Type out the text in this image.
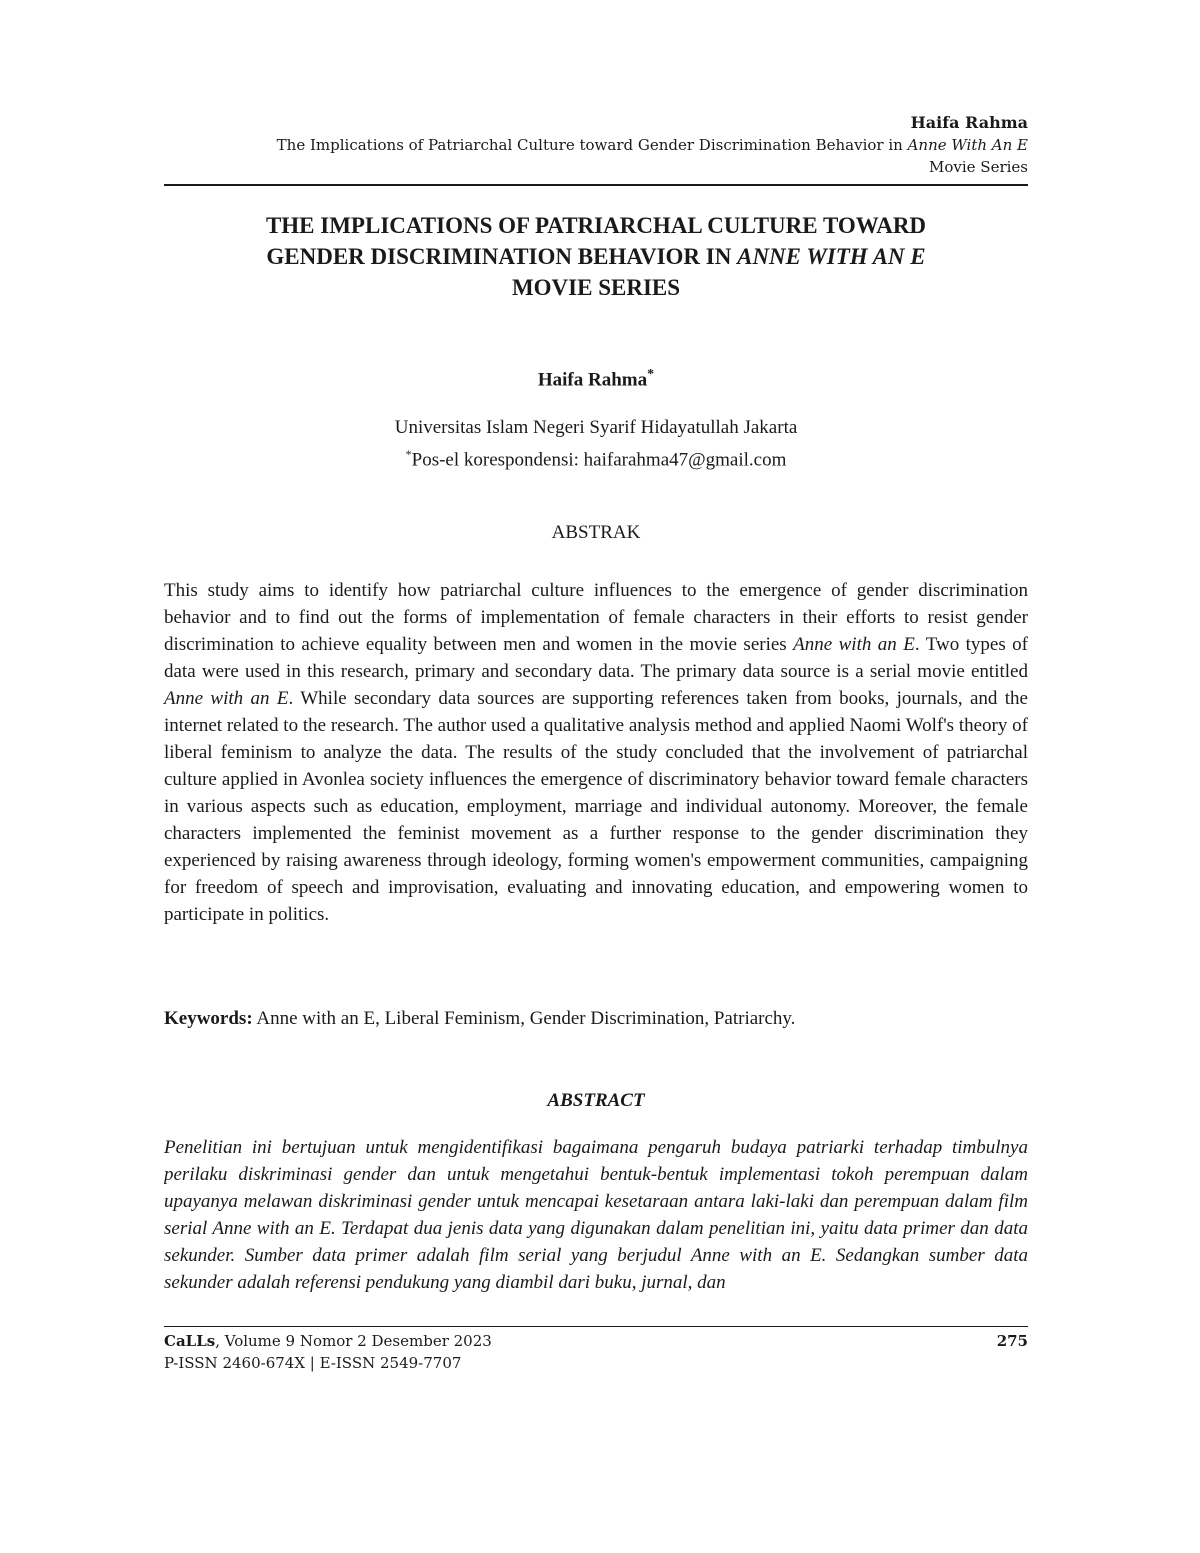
Haifa Rahma
The Implications of Patriarchal Culture toward Gender Discrimination Behavior in Anne With An E
Movie Series
THE IMPLICATIONS OF PATRIARCHAL CULTURE TOWARD
GENDER DISCRIMINATION BEHAVIOR IN ANNE WITH AN E
MOVIE SERIES
Haifa Rahma*
Universitas Islam Negeri Syarif Hidayatullah Jakarta
*Pos-el korespondensi: haifarahma47@gmail.com
ABSTRAK

This study aims to identify how patriarchal culture influences to the emergence of gender discrimination behavior and to find out the forms of implementation of female characters in their efforts to resist gender discrimination to achieve equality between men and women in the movie series Anne with an E. Two types of data were used in this research, primary and secondary data. The primary data source is a serial movie entitled Anne with an E. While secondary data sources are supporting references taken from books, journals, and the internet related to the research. The author used a qualitative analysis method and applied Naomi Wolf's theory of liberal feminism to analyze the data. The results of the study concluded that the involvement of patriarchal culture applied in Avonlea society influences the emergence of discriminatory behavior toward female characters in various aspects such as education, employment, marriage and individual autonomy. Moreover, the female characters implemented the feminist movement as a further response to the gender discrimination they experienced by raising awareness through ideology, forming women's empowerment communities, campaigning for freedom of speech and improvisation, evaluating and innovating education, and empowering women to participate in politics.

Keywords: Anne with an E, Liberal Feminism, Gender Discrimination, Patriarchy.

ABSTRACT

Penelitian ini bertujuan untuk mengidentifikasi bagaimana pengaruh budaya patriarki terhadap timbulnya perilaku diskriminasi gender dan untuk mengetahui bentuk-bentuk implementasi tokoh perempuan dalam upayanya melawan diskriminasi gender untuk mencapai kesetaraan antara laki-laki dan perempuan dalam film serial Anne with an E. Terdapat dua jenis data yang digunakan dalam penelitian ini, yaitu data primer dan data sekunder. Sumber data primer adalah film serial yang berjudul Anne with an E. Sedangkan sumber data sekunder adalah referensi pendukung yang diambil dari buku, jurnal, dan

CaLLs, Volume 9 Nomor 2 Desember 2023
P-ISSN 2460-674X | E-ISSN 2549-7707
275
